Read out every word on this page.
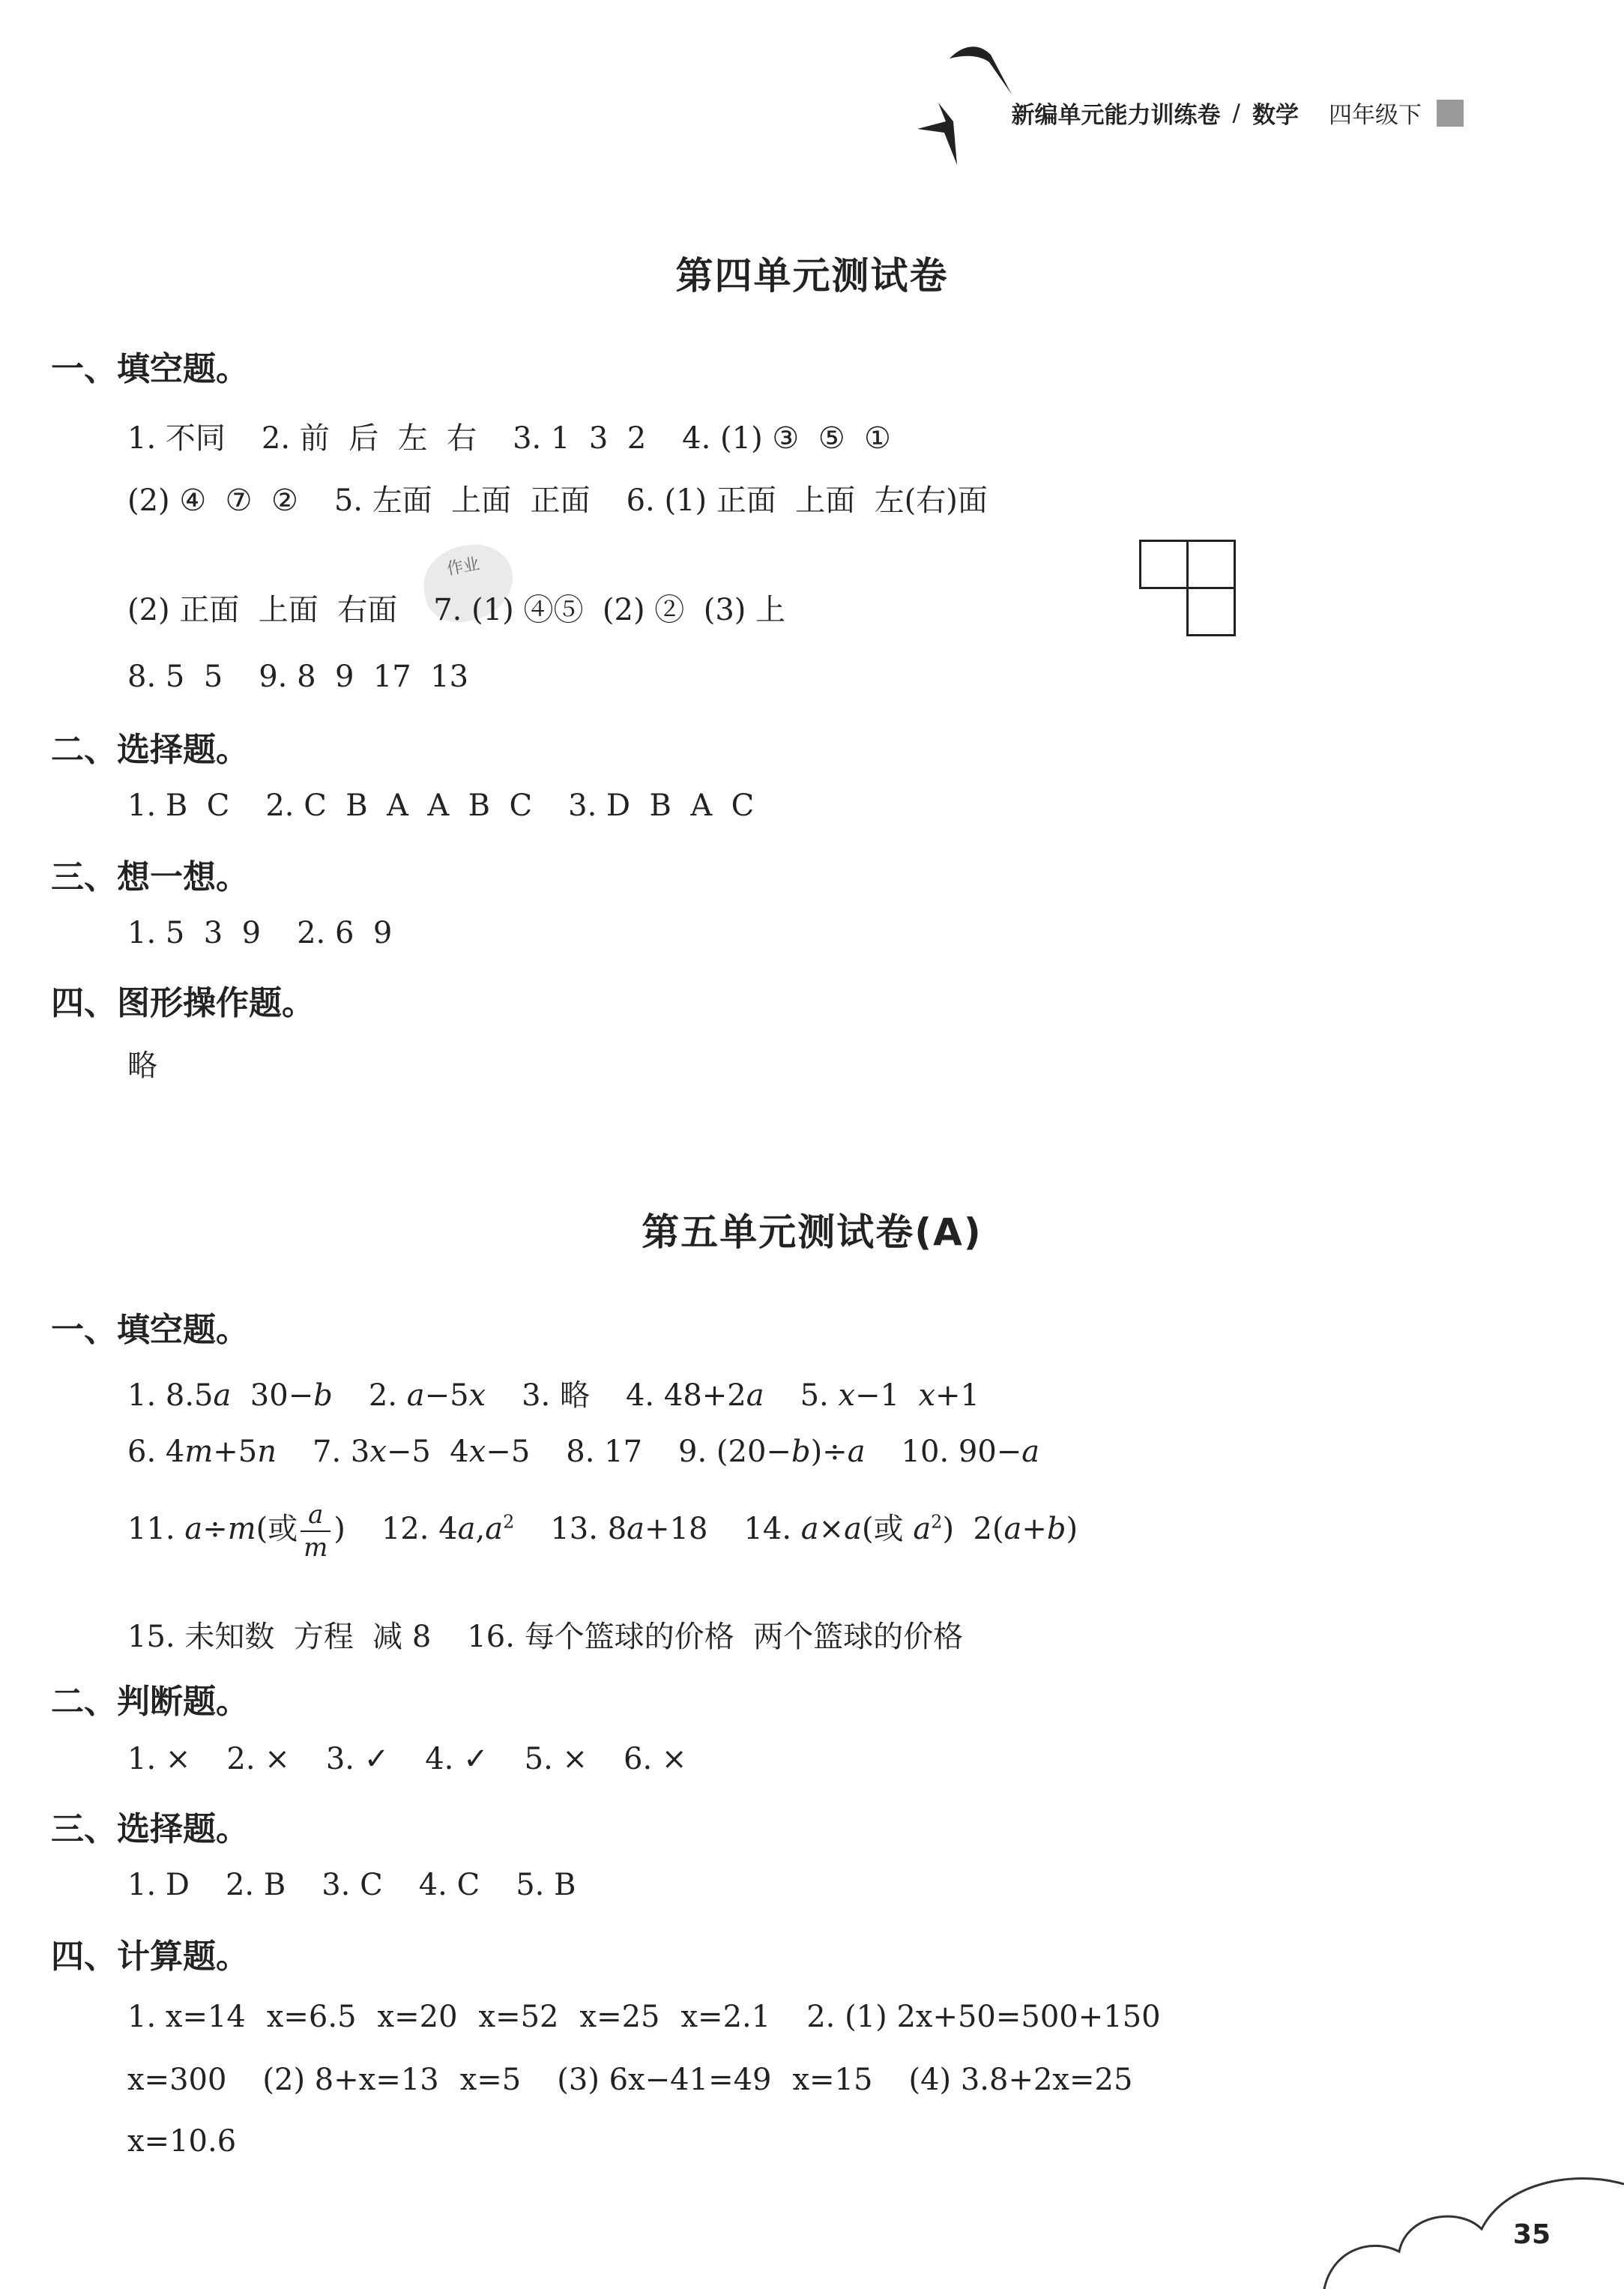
新编单元能力训练卷 / 数学 四年级下
第四单元测试卷
一、填空题。
1. 不同 2. 前  后  左  右 3. 1  3  2 4. (1) ③  ⑤  ①
(2) ④  ⑦  ② 5. 左面  上面  正面 6. (1) 正面  上面  左(右)面
作业
(2) 正面  上面  右面 7. (1) ④⑤  (2) ②  (3) 上
8. 5  5 9. 8  9  17  13
二、选择题。
1. B  C 2. C  B  A  A  B  C 3. D  B  A  C
三、想一想。
1. 5  3  9 2. 6  9
四、图形操作题。
略
第五单元测试卷(A)
一、填空题。
1. 8.5a  30−b 2. a−5x 3. 略 4. 48+2a 5. x−1  x+1
6. 4m+5n 7. 3x−5  4x−5 8. 17 9. (20−b)÷a 10. 90−a
11. a÷m(或 $\frac{a}{m}$ ) 12. $4a,a^2$ 13. 8a+18 14. a×a(或 $a^2$)  2(a+b)
15. 未知数  方程  减 8 16. 每个篮球的价格  两个篮球的价格
二、判断题。
1. × 2. × 3. ✓ 4. ✓ 5. × 6. ×
三、选择题。
1. D 2. B 3. C 4. C 5. B
四、计算题。
1. x=14 x=6.5 x=20 x=52 x=25 x=2.1 2. (1) 2x+50=500+150
x=300 (2) 8+x=13 x=5 (3) 6x−41=49 x=15 (4) 3.8+2x=25
x=10.6
35
